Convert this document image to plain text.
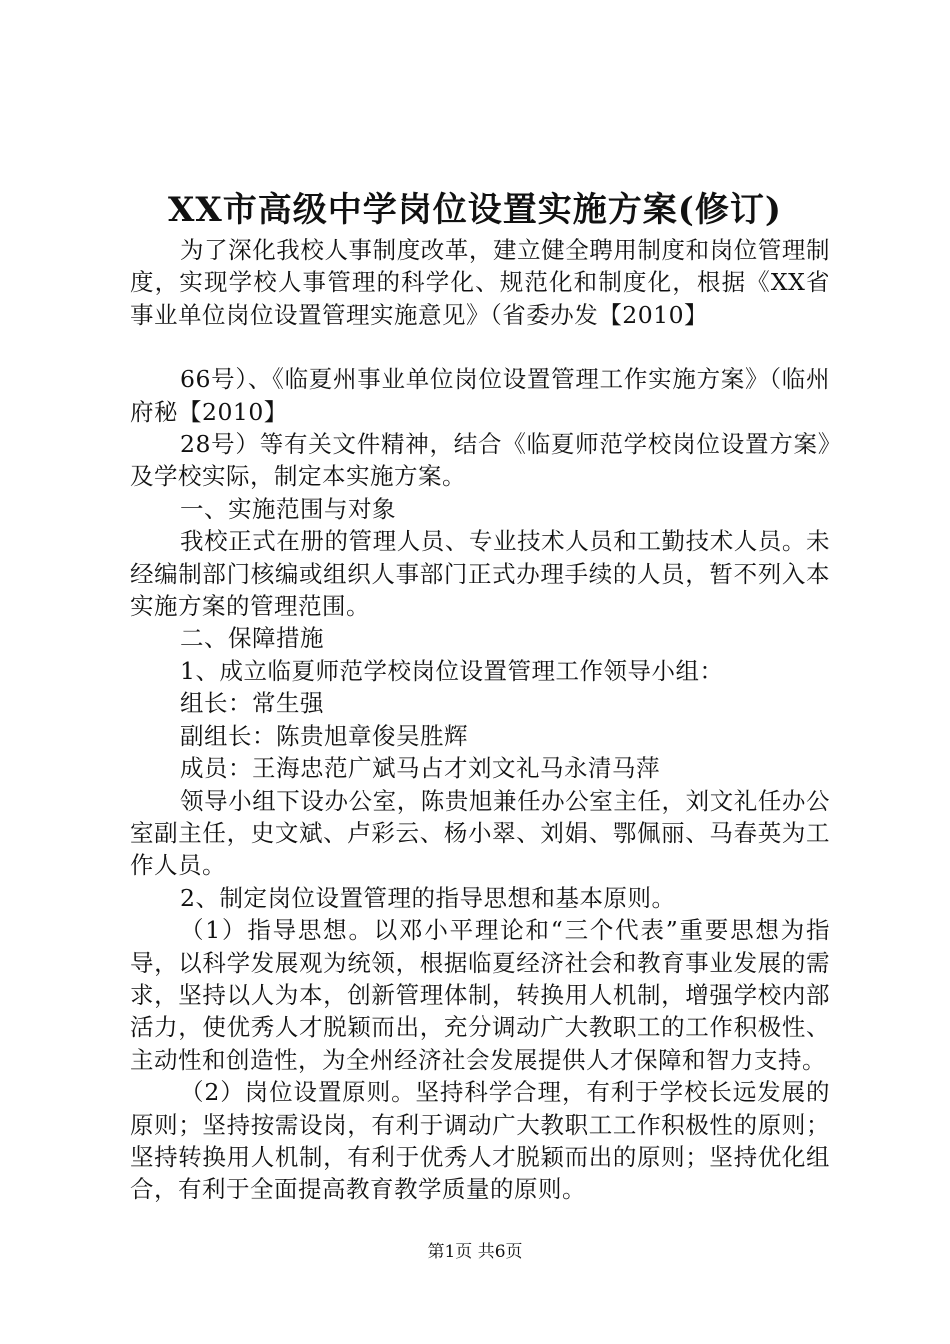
XX市高级中学岗位设置实施方案(修订)

为了深化我校人事制度改革，建立健全聘用制度和岗位管理制度，实现学校人事管理的科学化、规范化和制度化，根据《XX省事业单位岗位设置管理实施意见》（省委办发【2010】

66号）、《临夏州事业单位岗位设置管理工作实施方案》（临州府秘【2010】

28号）等有关文件精神，结合《临夏师范学校岗位设置方案》及学校实际，制定本实施方案。

一、实施范围与对象

我校正式在册的管理人员、专业技术人员和工勤技术人员。未经编制部门核编或组织人事部门正式办理手续的人员，暂不列入本实施方案的管理范围。

二、保障措施

1、成立临夏师范学校岗位设置管理工作领导小组：

组长：常生强

副组长：陈贵旭章俊吴胜辉

成员：王海忠范广斌马占才刘文礼马永清马萍

领导小组下设办公室，陈贵旭兼任办公室主任，刘文礼任办公室副主任，史文斌、卢彩云、杨小翠、刘娟、鄂佩丽、马春英为工作人员。

2、制定岗位设置管理的指导思想和基本原则。

（1）指导思想。以邓小平理论和“三个代表”重要思想为指导，以科学发展观为统领，根据临夏经济社会和教育事业发展的需求，坚持以人为本，创新管理体制，转换用人机制，增强学校内部活力，使优秀人才脱颖而出，充分调动广大教职工的工作积极性、主动性和创造性，为全州经济社会发展提供人才保障和智力支持。

（2）岗位设置原则。坚持科学合理，有利于学校长远发展的原则；坚持按需设岗，有利于调动广大教职工工作积极性的原则；坚持转换用人机制，有利于优秀人才脱颖而出的原则；坚持优化组合，有利于全面提高教育教学质量的原则。

第1页 共6页
